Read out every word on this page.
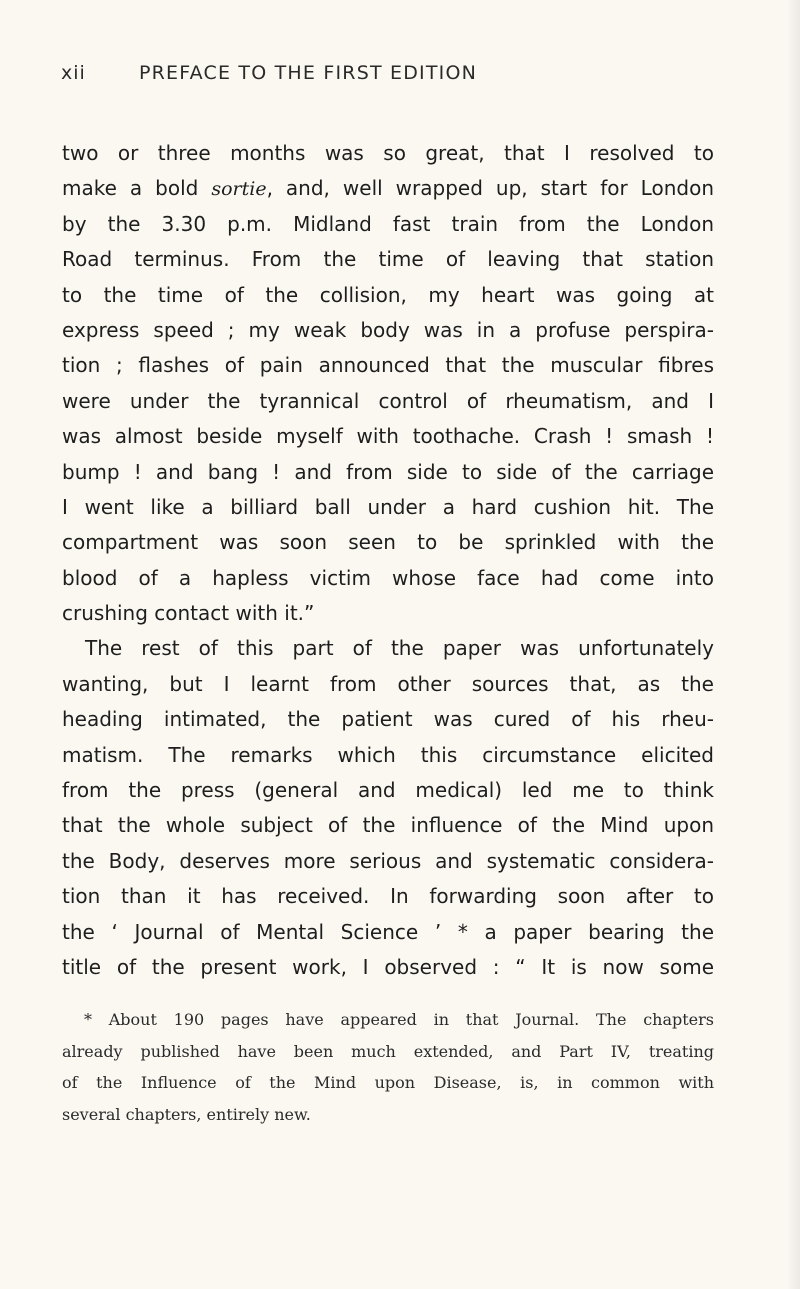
xii	PREFACE TO THE FIRST EDITION
two or three months was so great, that I resolved to
make a bold sortie, and, well wrapped up, start for London
by the 3.30 p.m. Midland fast train from the London
Road terminus. From the time of leaving that station
to the time of the collision, my heart was going at
express speed ; my weak body was in a profuse perspira-
tion ; flashes of pain announced that the muscular fibres
were under the tyrannical control of rheumatism, and I
was almost beside myself with toothache. Crash ! smash !
bump ! and bang ! and from side to side of the carriage
I went like a billiard ball under a hard cushion hit. The
compartment was soon seen to be sprinkled with the
blood of a hapless victim whose face had come into
crushing contact with it.”
The rest of this part of the paper was unfortunately
wanting, but I learnt from other sources that, as the
heading intimated, the patient was cured of his rheu-
matism. The remarks which this circumstance elicited
from the press (general and medical) led me to think
that the whole subject of the influence of the Mind upon
the Body, deserves more serious and systematic considera-
tion than it has received. In forwarding soon after to
the ‘ Journal of Mental Science ’ * a paper bearing the
title of the present work, I observed : “ It is now some
* About 190 pages have appeared in that Journal. The chapters
already published have been much extended, and Part IV, treating
of the Influence of the Mind upon Disease, is, in common with
several chapters, entirely new.
